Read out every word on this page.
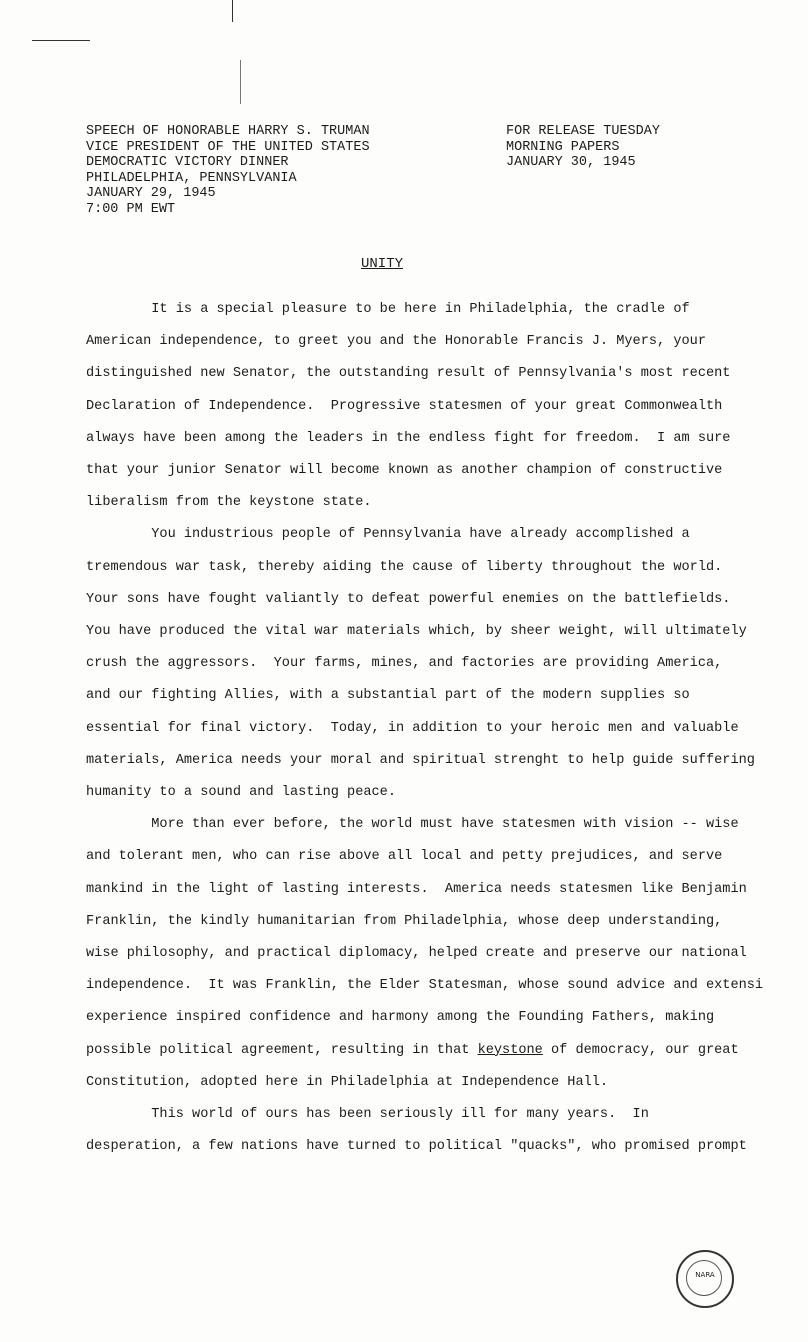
SPEECH OF HONORABLE HARRY S. TRUMAN
VICE PRESIDENT OF THE UNITED STATES
DEMOCRATIC VICTORY DINNER
PHILADELPHIA, PENNSYLVANIA
JANUARY 29, 1945
7:00 PM EWT
FOR RELEASE TUESDAY
MORNING PAPERS
JANUARY 30, 1945
UNITY
It is a special pleasure to be here in Philadelphia, the cradle of
American independence, to greet you and the Honorable Francis J. Myers, your
distinguished new Senator, the outstanding result of Pennsylvania's most recent
Declaration of Independence.  Progressive statesmen of your great Commonwealth
always have been among the leaders in the endless fight for freedom.  I am sure
that your junior Senator will become known as another champion of constructive
liberalism from the keystone state.
You industrious people of Pennsylvania have already accomplished a
tremendous war task, thereby aiding the cause of liberty throughout the world.
Your sons have fought valiantly to defeat powerful enemies on the battlefields.
You have produced the vital war materials which, by sheer weight, will ultimately
crush the aggressors.  Your farms, mines, and factories are providing America,
and our fighting Allies, with a substantial part of the modern supplies so
essential for final victory.  Today, in addition to your heroic men and valuable
materials, America needs your moral and spiritual strenght to help guide suffering
humanity to a sound and lasting peace.
More than ever before, the world must have statesmen with vision -- wise
and tolerant men, who can rise above all local and petty prejudices, and serve
mankind in the light of lasting interests.  America needs statesmen like Benjamin
Franklin, the kindly humanitarian from Philadelphia, whose deep understanding,
wise philosophy, and practical diplomacy, helped create and preserve our national
independence.  It was Franklin, the Elder Statesman, whose sound advice and extensi
experience inspired confidence and harmony among the Founding Fathers, making
possible political agreement, resulting in that keystone of democracy, our great
Constitution, adopted here in Philadelphia at Independence Hall.
This world of ours has been seriously ill for many years.  In
desperation, a few nations have turned to political "quacks", who promised prompt
NARA
